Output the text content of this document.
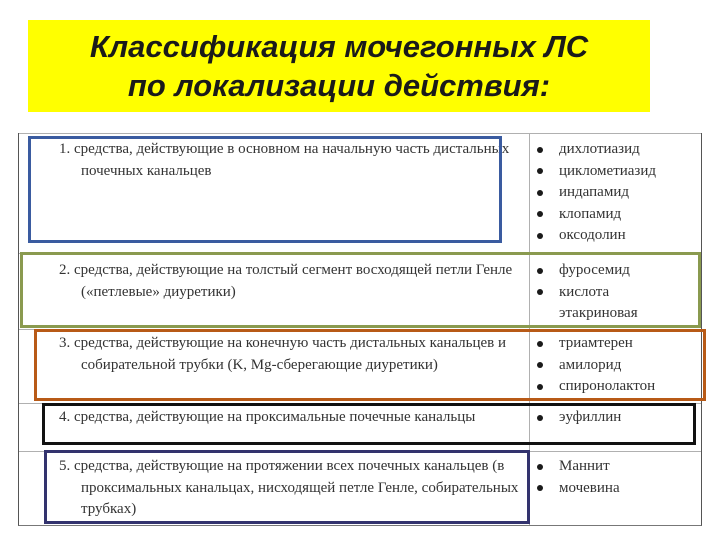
Классификация мочегонных ЛС
по локализации действия:
1. средства, действующие в основном на начальную часть дистальных почечных канальцев
дихлотиазид
циклометиазид
индапамид
клопамид
оксодолин
2. средства, действующие на толстый сегмент восходящей петли Генле («петлевые» диуретики)
фуросемид
кислота
этакриновая
3. средства, действующие на конечную часть дистальных канальцев и собирательной трубки (K, Mg-сберегающие диуретики)
триамтерен
амилорид
спиронолактон
4. средства, действующие на проксимальные почечные канальцы	эуфиллин
5. средства, действующие на протяжении всех почечных канальцев (в проксимальных канальцах, нисходящей петле Генле, собирательных трубках)
Маннит
мочевина
